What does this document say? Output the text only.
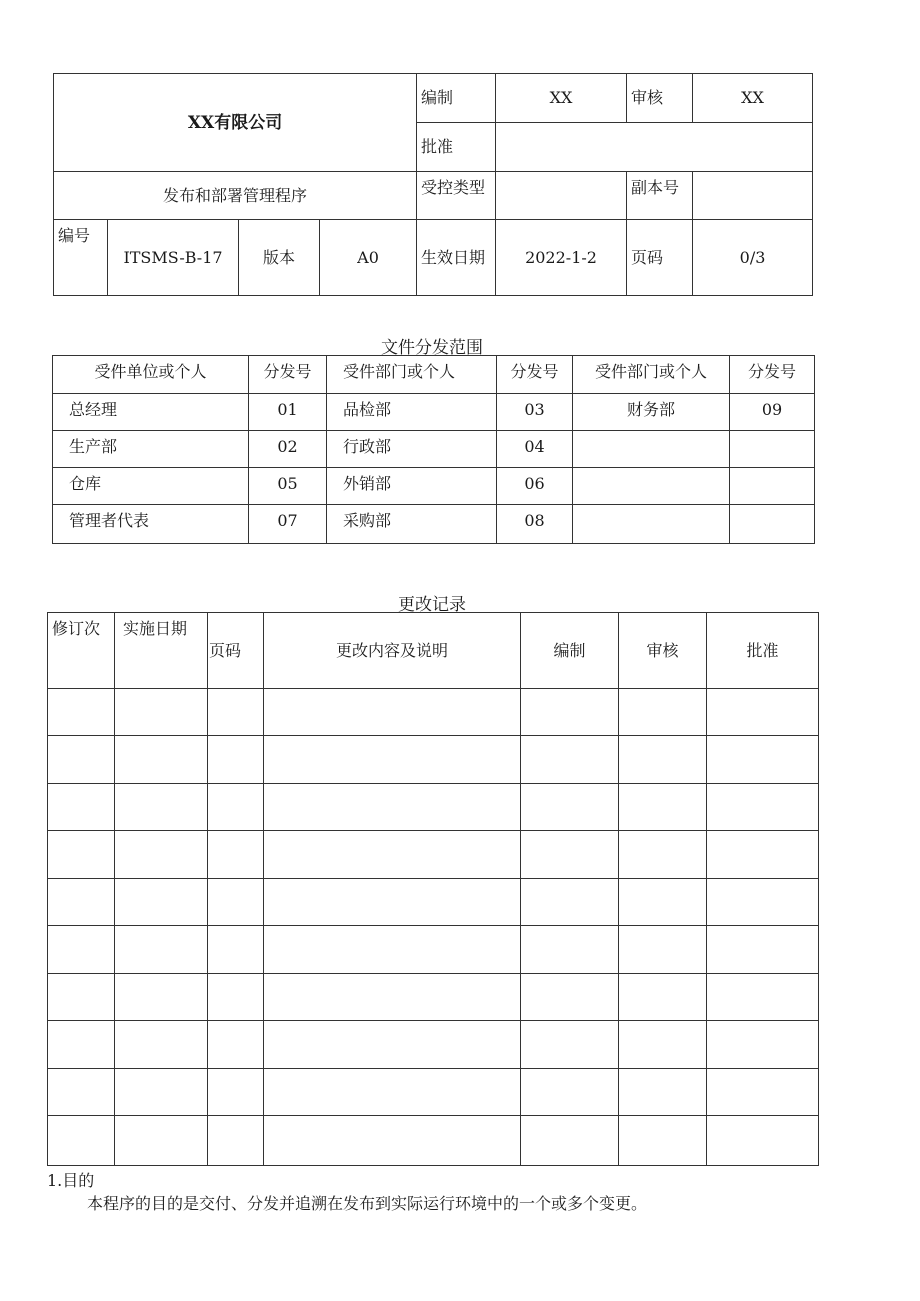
XX有限公司				编制	XX	审核	XX
				批准			
发布和部署管理程序				受控类型		副本号	
编号	ITSMS-B-17	版本	A0	生效日期	2022-1-2	页码	0/3
文件分发范围
受件单位或个人	分发号	受件部门或个人	分发号	受件部门或个人	分发号
总经理	01	品检部	03	财务部	09
生产部	02	行政部	04		
仓库	05	外销部	06		
管理者代表	07	采购部	08		
更改记录
修订次	实施日期	页码	更改内容及说明	编制	审核	批准

1.目的
本程序的目的是交付、分发并追溯在发布到实际运行环境中的一个或多个变更。
